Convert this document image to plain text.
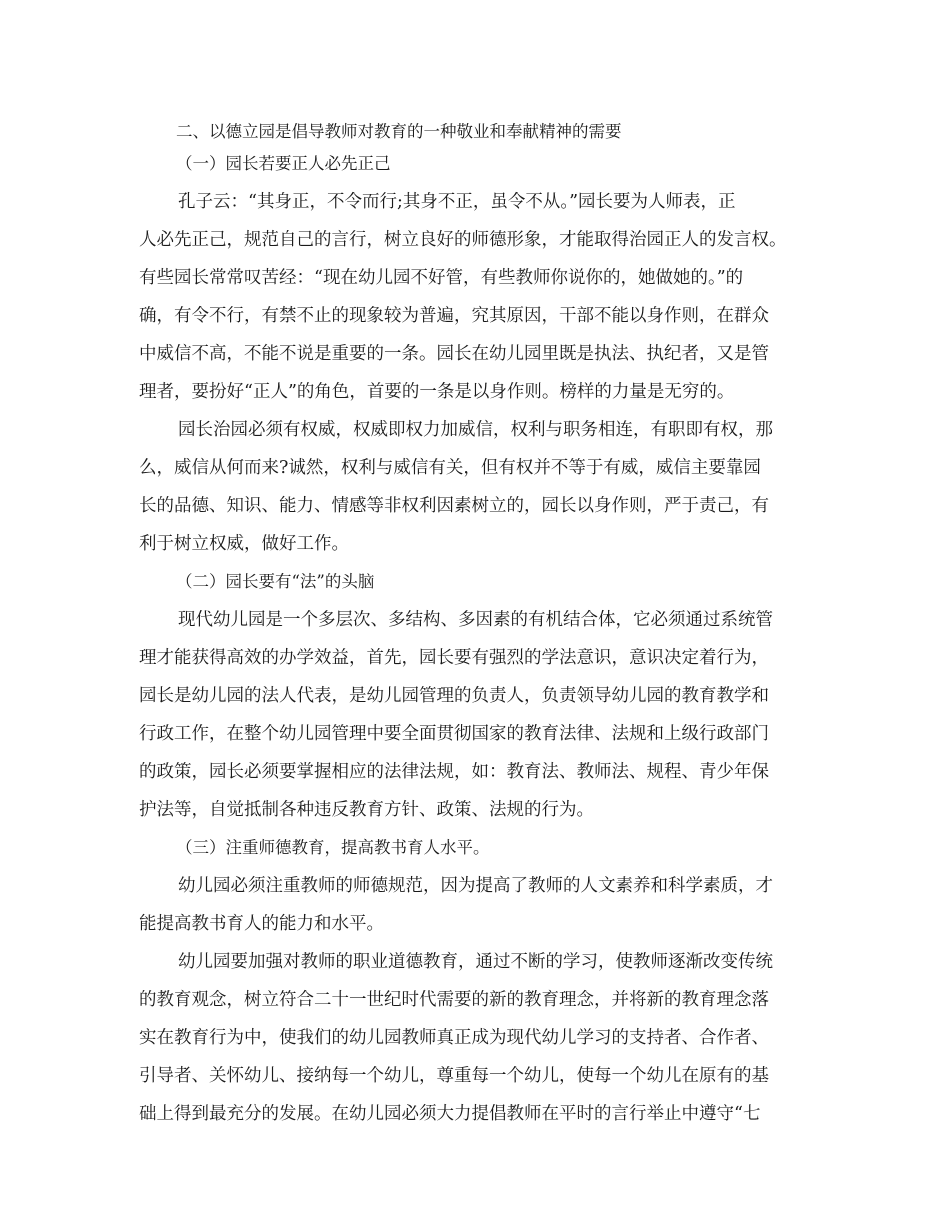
二、以德立园是倡导教师对教育的一种敬业和奉献精神的需要
（一）园长若要正人必先正己
孔子云：“其身正，不令而行;其身不正，虽令不从。”园长要为人师表，正
人必先正己，规范自己的言行，树立良好的师德形象，才能取得治园正人的发言权。
有些园长常常叹苦经：“现在幼儿园不好管，有些教师你说你的，她做她的。”的
确，有令不行，有禁不止的现象较为普遍，究其原因，干部不能以身作则，在群众
中威信不高，不能不说是重要的一条。园长在幼儿园里既是执法、执纪者，又是管
理者，要扮好“正人”的角色，首要的一条是以身作则。榜样的力量是无穷的。
园长治园必须有权威，权威即权力加威信，权利与职务相连，有职即有权，那
么，威信从何而来?诚然，权利与威信有关，但有权并不等于有威，威信主要靠园
长的品德、知识、能力、情感等非权利因素树立的，园长以身作则，严于责己，有
利于树立权威，做好工作。
（二）园长要有“法”的头脑
现代幼儿园是一个多层次、多结构、多因素的有机结合体，它必须通过系统管
理才能获得高效的办学效益，首先，园长要有强烈的学法意识，意识决定着行为，
园长是幼儿园的法人代表，是幼儿园管理的负责人，负责领导幼儿园的教育教学和
行政工作，在整个幼儿园管理中要全面贯彻国家的教育法律、法规和上级行政部门
的政策，园长必须要掌握相应的法律法规，如：教育法、教师法、规程、青少年保
护法等，自觉抵制各种违反教育方针、政策、法规的行为。
（三）注重师德教育，提高教书育人水平。
幼儿园必须注重教师的师德规范，因为提高了教师的人文素养和科学素质，才
能提高教书育人的能力和水平。
幼儿园要加强对教师的职业道德教育，通过不断的学习，使教师逐渐改变传统
的教育观念，树立符合二十一世纪时代需要的新的教育理念，并将新的教育理念落
实在教育行为中，使我们的幼儿园教师真正成为现代幼儿学习的支持者、合作者、
引导者、关怀幼儿、接纳每一个幼儿，尊重每一个幼儿，使每一个幼儿在原有的基
础上得到最充分的发展。在幼儿园必须大力提倡教师在平时的言行举止中遵守“七
